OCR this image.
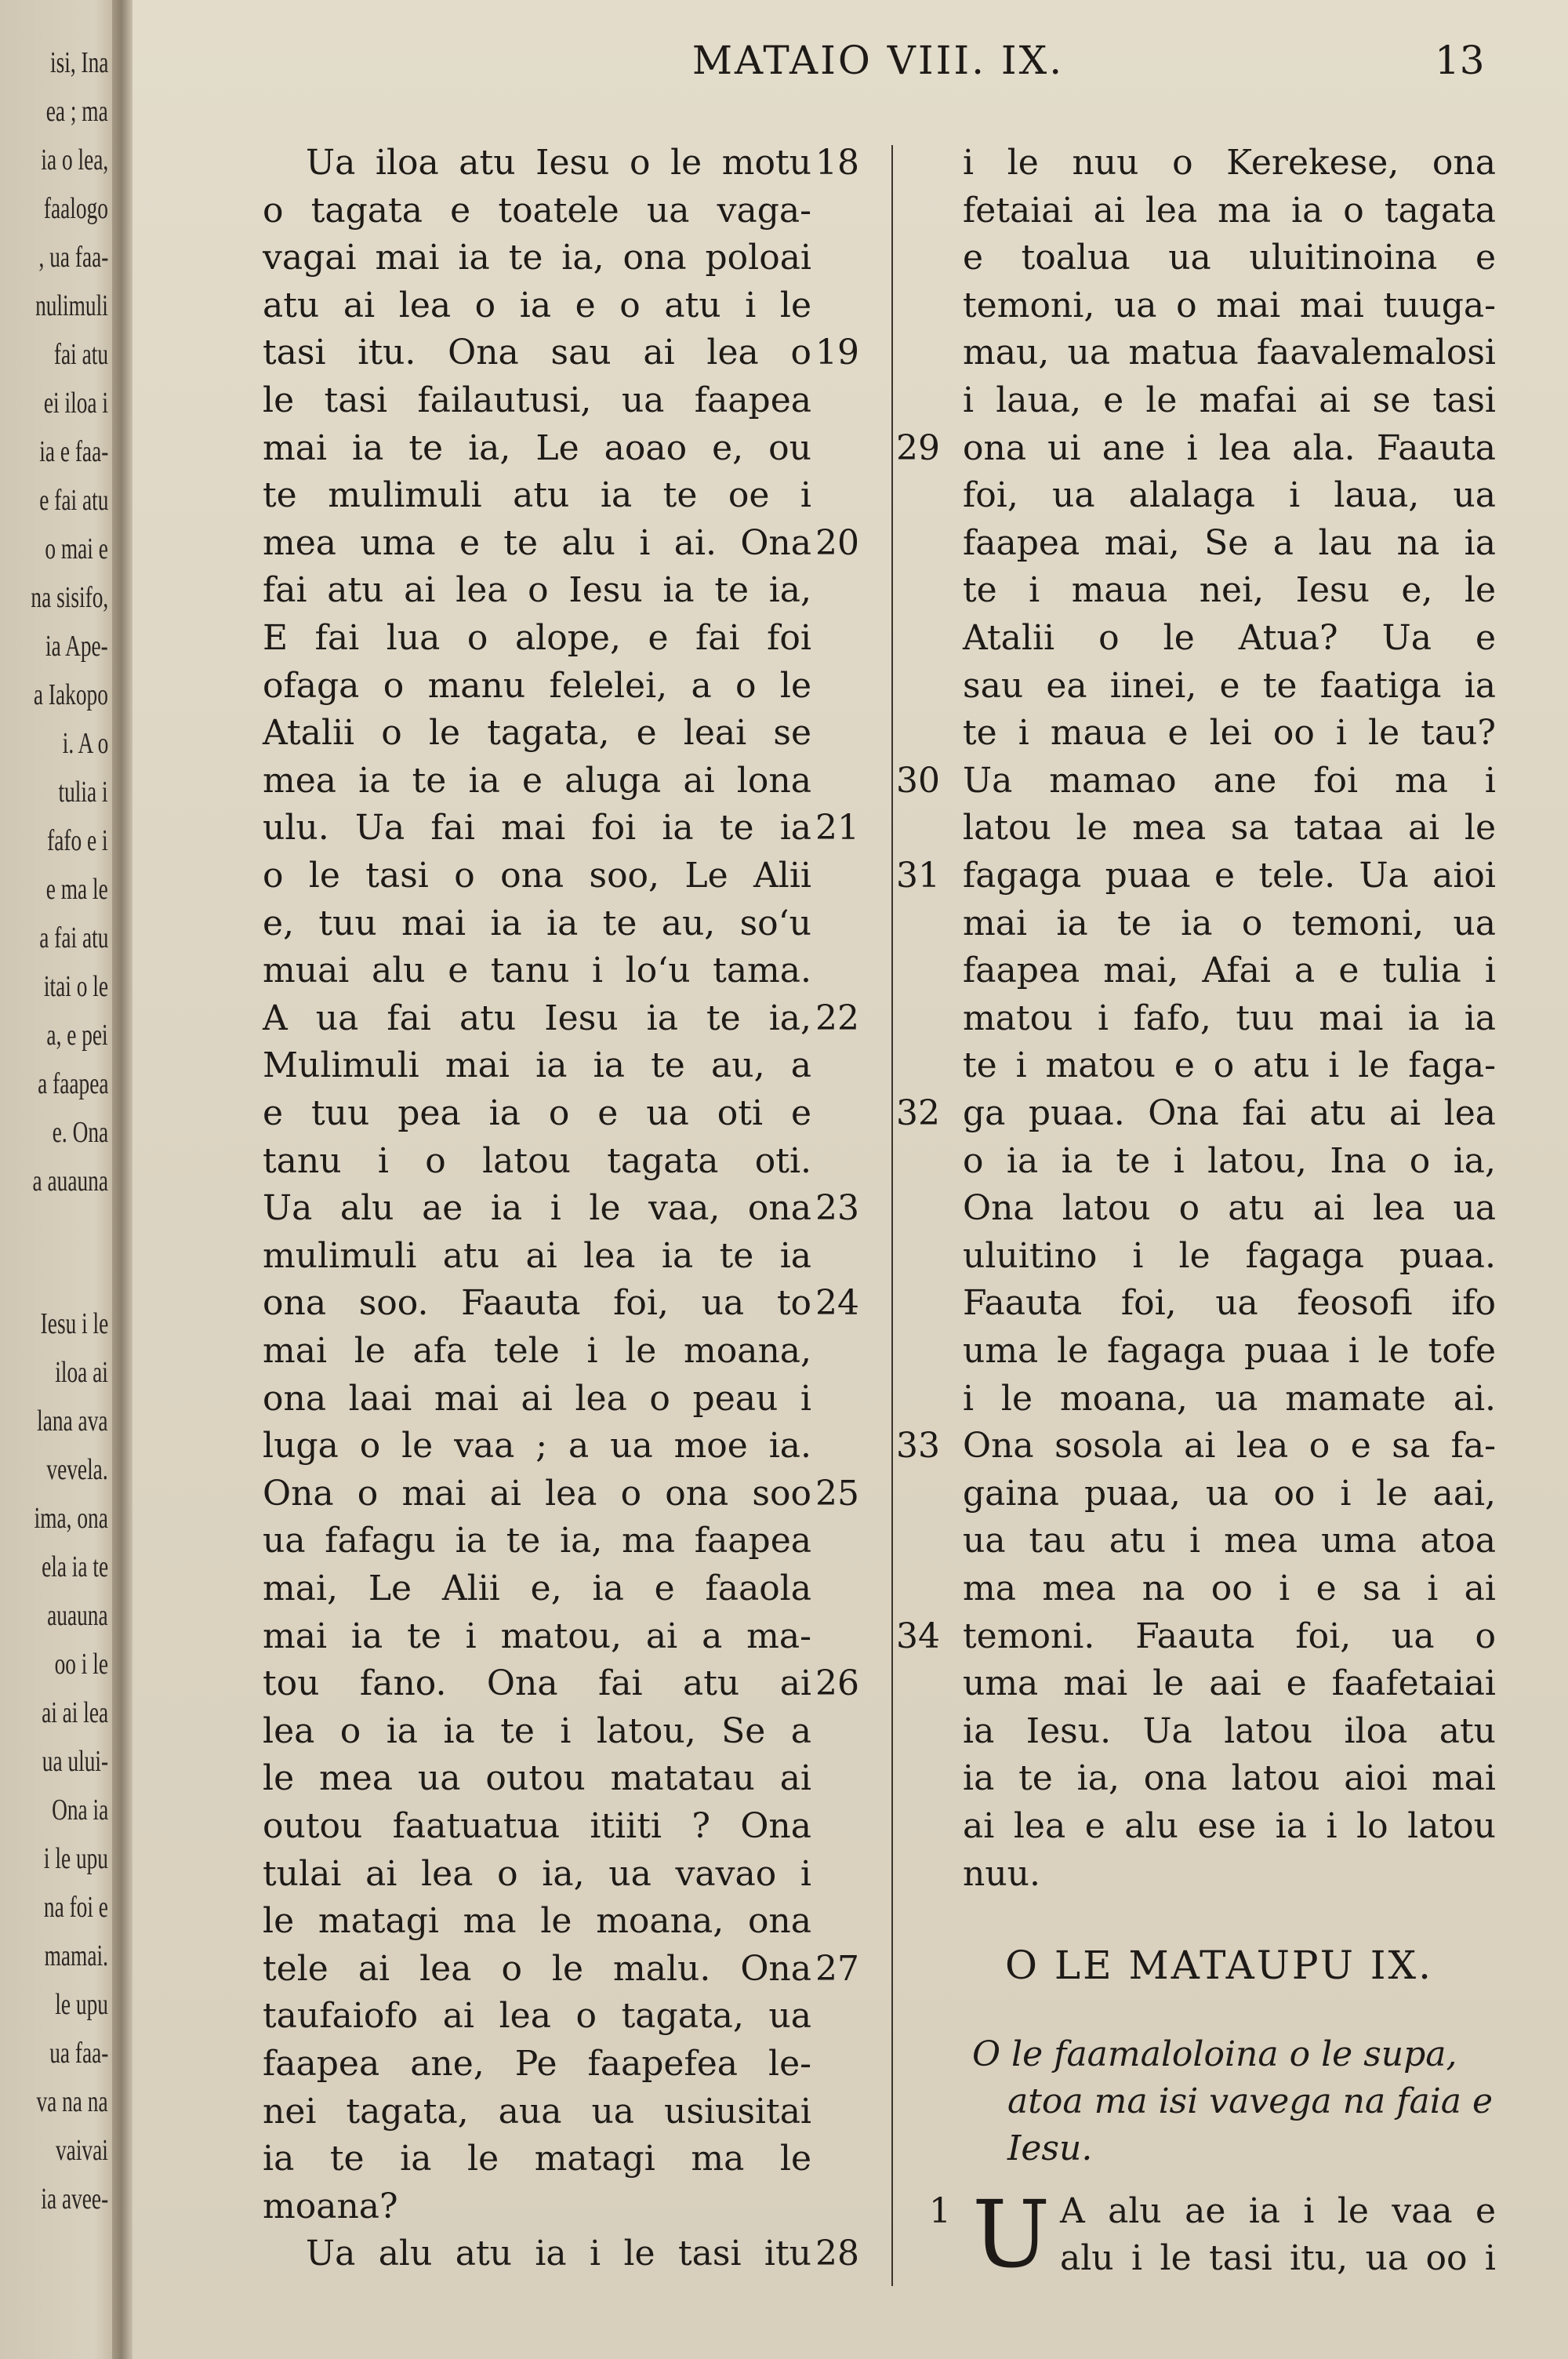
isi, Ina
ea ; ma
ia o lea,
faalogo
, ua faa-
nulimuli
fai atu
ei iloa i
ia e faa-
e fai atu
o mai e
na sisifo,
ia Ape-
a Iakopo
i. A o
tulia i
fafo e i
e ma le
a fai atu
itai o le
a, e pei
a faapea
e. Ona
a auauna
Iesu i le
iloa ai
lana ava
vevela.
ima, ona
ela ia te
auauna
oo i le
ai ai lea
ua ului-
Ona ia
i le upu
na foi e
mamai.
le upu
ua faa-
va na na
vaivai
ia avee-
MATAIO VIII. IX.	13
Ua iloa atu Iesu o le motu
o tagata e toatele ua vaga-
vagai mai ia te ia, ona poloai
atu ai lea o ia e o atu i le
tasi itu. Ona sau ai lea o
le tasi failautusi, ua faapea
mai ia te ia, Le aoao e, ou
te mulimuli atu ia te oe i
mea uma e te alu i ai. Ona
fai atu ai lea o Iesu ia te ia,
E fai lua o alope, e fai foi
ofaga o manu felelei, a o le
Atalii o le tagata, e leai se
mea ia te ia e aluga ai lona
ulu. Ua fai mai foi ia te ia
o le tasi o ona soo, Le Alii
e, tuu mai ia ia te au, so‘u
muai alu e tanu i lo‘u tama.
A ua fai atu Iesu ia te ia,
Mulimuli mai ia ia te au, a
e tuu pea ia o e ua oti e
tanu i o latou tagata oti.
Ua alu ae ia i le vaa, ona
mulimuli atu ai lea ia te ia
ona soo. Faauta foi, ua to
mai le afa tele i le moana,
ona laai mai ai lea o peau i
luga o le vaa ; a ua moe ia.
Ona o mai ai lea o ona soo
ua fafagu ia te ia, ma faapea
mai, Le Alii e, ia e faaola
mai ia te i matou, ai a ma-
tou fano. Ona fai atu ai
lea o ia ia te i latou, Se a
le mea ua outou matatau ai
outou faatuatua itiiti ? Ona
tulai ai lea o ia, ua vavao i
le matagi ma le moana, ona
tele ai lea o le malu. Ona
taufaiofo ai lea o tagata, ua
faapea ane, Pe faapefea le-
nei tagata, aua ua usiusitai
ia te ia le matagi ma le
moana?
Ua alu atu ia i le tasi itu
18
19
20
21
22
23
24
25
26
27
28
i le nuu o Kerekese, ona
fetaiai ai lea ma ia o tagata
e toalua ua uluitinoina e
temoni, ua o mai mai tuuga-
mau, ua matua faavalemalosi
i laua, e le mafai ai se tasi
ona ui ane i lea ala. Faauta
foi, ua alalaga i laua, ua
faapea mai, Se a lau na ia
te i maua nei, Iesu e, le
Atalii o le Atua? Ua e
sau ea iinei, e te faatiga ia
te i maua e lei oo i le tau?
Ua mamao ane foi ma i
latou le mea sa tataa ai le
fagaga puaa e tele. Ua aioi
mai ia te ia o temoni, ua
faapea mai, Afai a e tulia i
matou i fafo, tuu mai ia ia
te i matou e o atu i le faga-
ga puaa. Ona fai atu ai lea
o ia ia te i latou, Ina o ia,
Ona latou o atu ai lea ua
uluitino i le fagaga puaa.
Faauta foi, ua feosofi ifo
uma le fagaga puaa i le tofe
i le moana, ua mamate ai.
Ona sosola ai lea o e sa fa-
gaina puaa, ua oo i le aai,
ua tau atu i mea uma atoa
ma mea na oo i e sa i ai
temoni. Faauta foi, ua o
uma mai le aai e faafetaiai
ia Iesu. Ua latou iloa atu
ia te ia, ona latou aioi mai
ai lea e alu ese ia i lo latou
nuu.
29
30
31
32
33
34
O LE MATAUPU IX.
O le faamaloloina o le supa,
atoa ma isi vavega na faia e
Iesu.
1 U A alu ae ia i le vaa e
alu i le tasi itu, ua oo i
